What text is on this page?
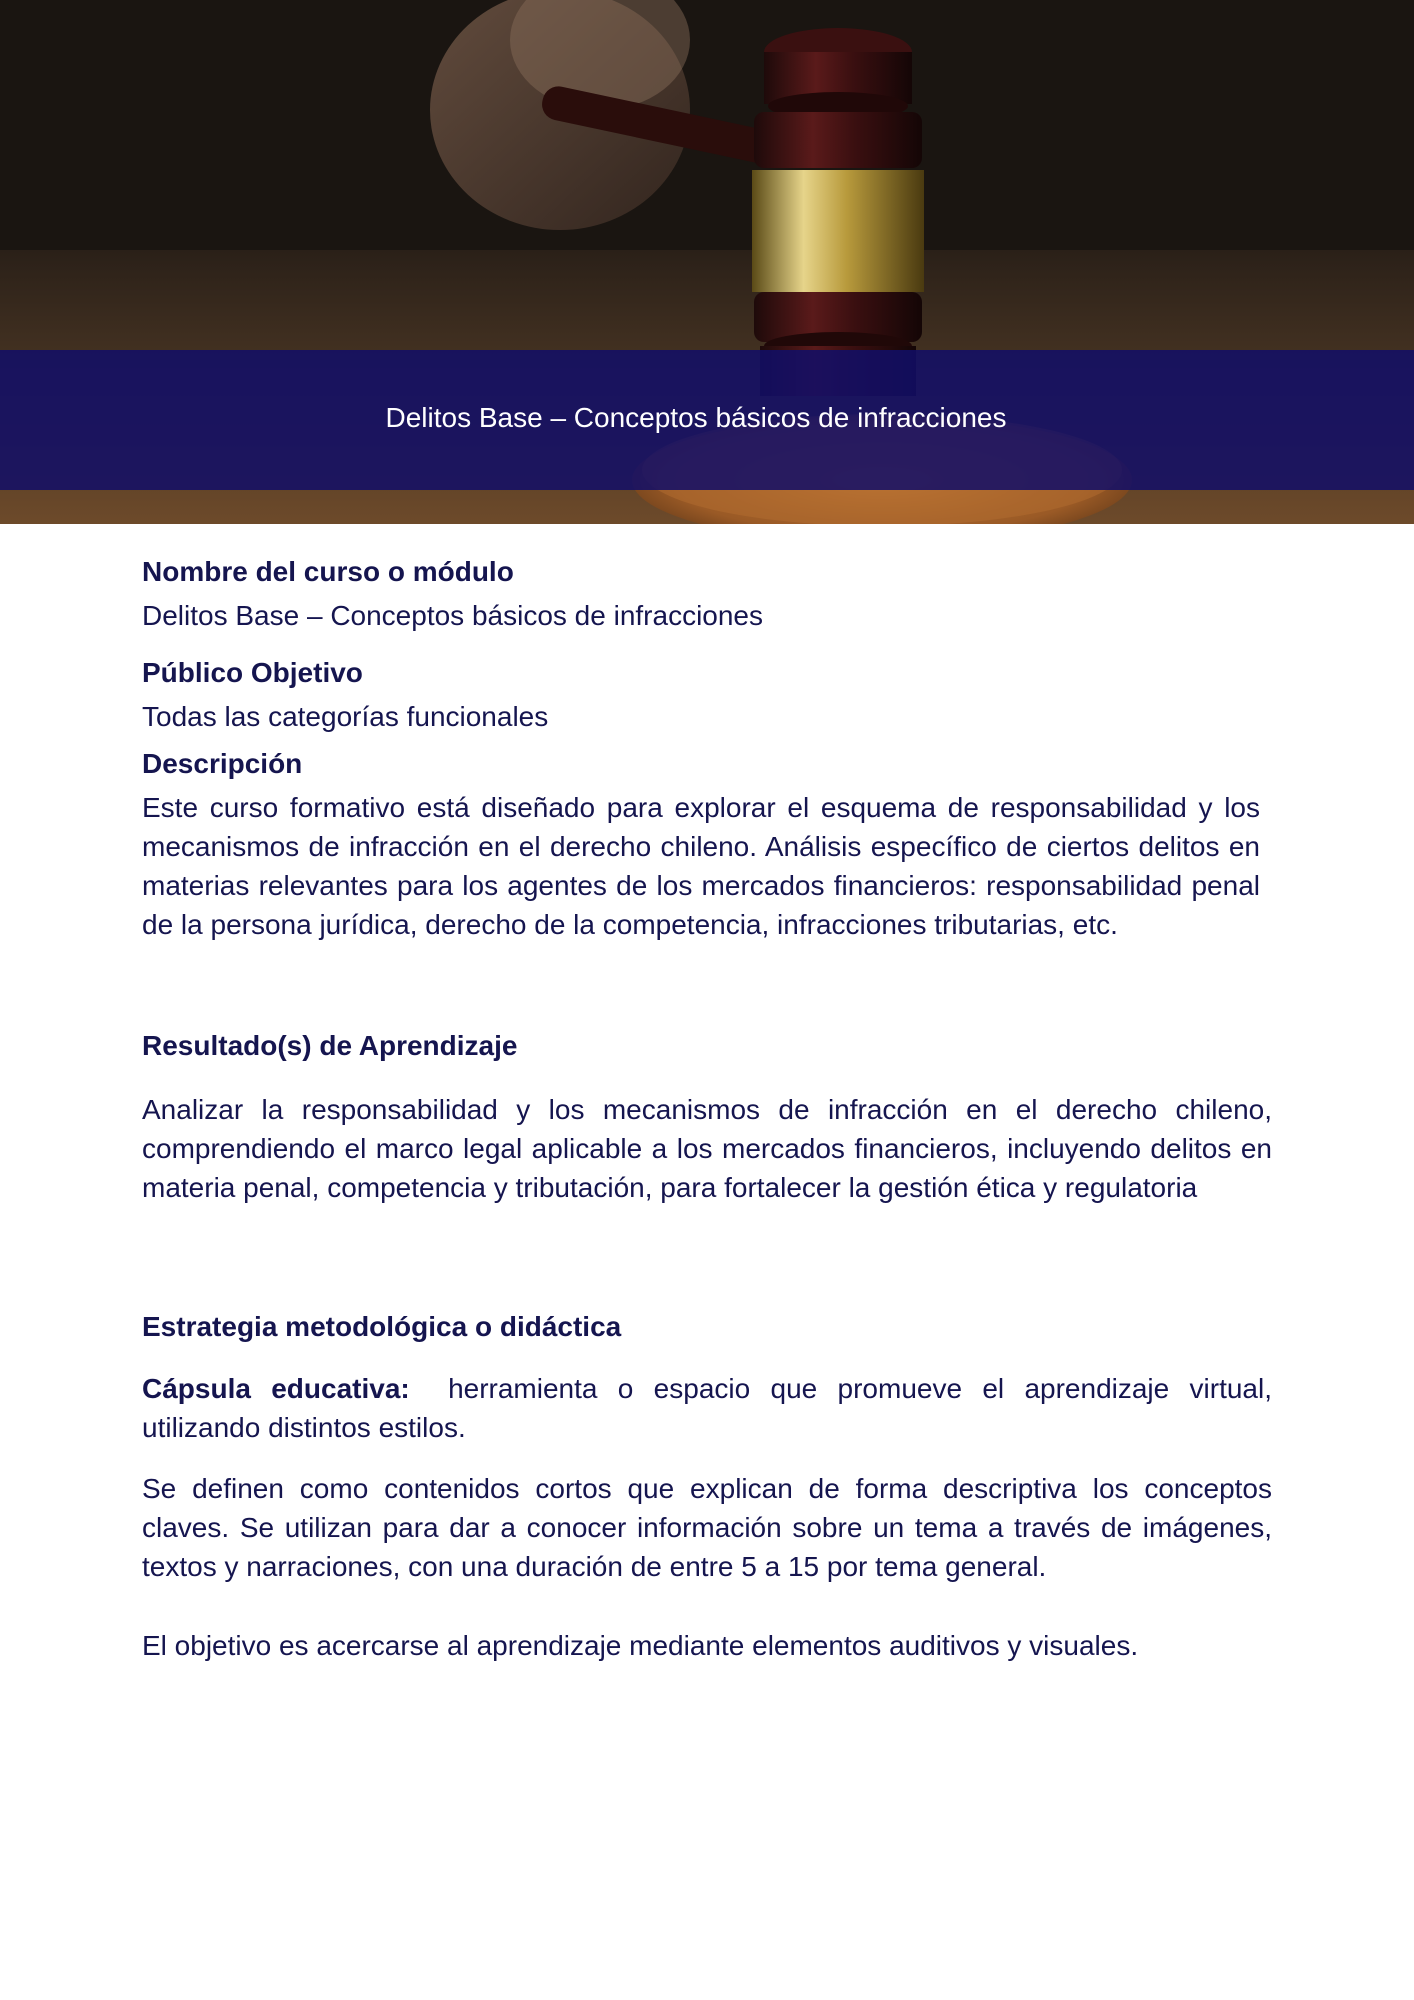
Delitos Base – Conceptos básicos de infracciones
Nombre del curso o módulo

Delitos Base – Conceptos básicos de infracciones

Público Objetivo

Todas las categorías funcionales

Descripción

Este curso formativo está diseñado para explorar el esquema de responsabilidad y los mecanismos de infracción en el derecho chileno. Análisis específico de ciertos delitos en materias relevantes para los agentes de los mercados financieros: responsabilidad penal de la persona jurídica, derecho de la competencia, infracciones tributarias, etc.

Resultado(s) de Aprendizaje

Analizar la responsabilidad y los mecanismos de infracción en el derecho chileno, comprendiendo el marco legal aplicable a los mercados financieros, incluyendo delitos en materia penal, competencia y tributación, para fortalecer la gestión ética y regulatoria

Estrategia metodológica o didáctica

Cápsula educativa: herramienta o espacio que promueve el aprendizaje virtual, utilizando distintos estilos.

Se definen como contenidos cortos que explican de forma descriptiva los conceptos claves. Se utilizan para dar a conocer información sobre un tema a través de imágenes, textos y narraciones, con una duración de entre 5 a 15 por tema general.

El objetivo es acercarse al aprendizaje mediante elementos auditivos y visuales.
